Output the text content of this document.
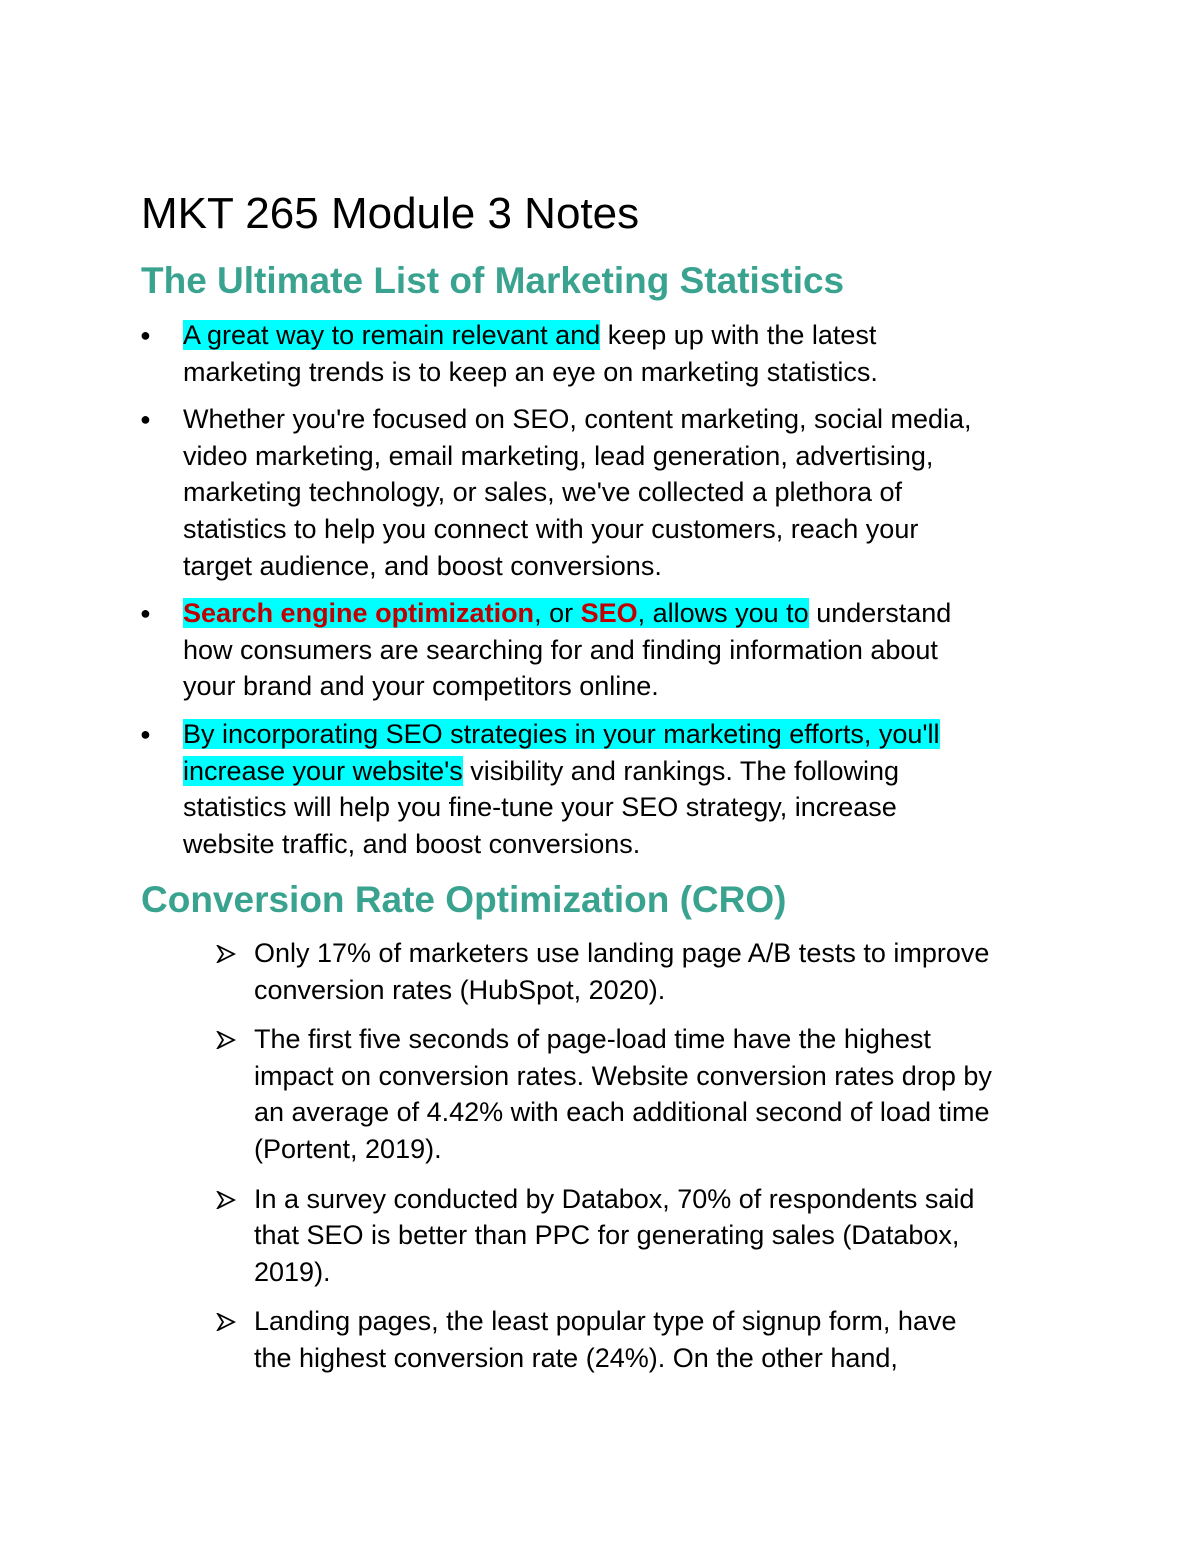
MKT 265 Module 3 Notes
The Ultimate List of Marketing Statistics
● A great way to remain relevant and keep up with the latest
marketing trends is to keep an eye on marketing statistics.
● Whether you're focused on SEO, content marketing, social media,
video marketing, email marketing, lead generation, advertising,
marketing technology, or sales, we've collected a plethora of
statistics to help you connect with your customers, reach your
target audience, and boost conversions.
● Search engine optimization, or SEO, allows you to understand
how consumers are searching for and finding information about
your brand and your competitors online.
● By incorporating SEO strategies in your marketing efforts, you'll
increase your website's visibility and rankings. The following
statistics will help you fine-tune your SEO strategy, increase
website traffic, and boost conversions.
Conversion Rate Optimization (CRO)
Only 17% of marketers use landing page A/B tests to improve
conversion rates (HubSpot, 2020).
The first five seconds of page-load time have the highest
impact on conversion rates. Website conversion rates drop by
an average of 4.42% with each additional second of load time
(Portent, 2019).
In a survey conducted by Databox, 70% of respondents said
that SEO is better than PPC for generating sales (Databox,
2019).
Landing pages, the least popular type of signup form, have
the highest conversion rate (24%). On the other hand,
